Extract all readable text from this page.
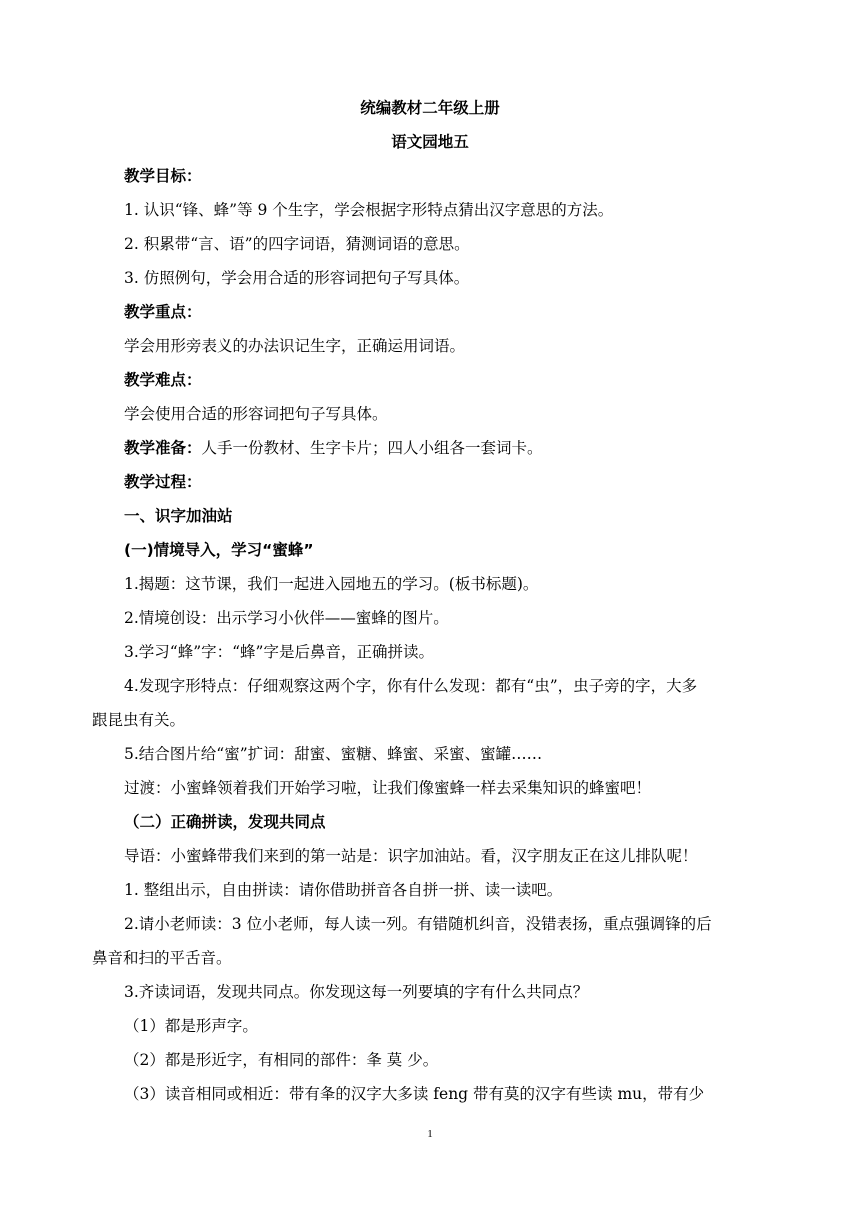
统编教材二年级上册
语文园地五
教学目标：
1. 认识“锋、蜂”等 9 个生字，学会根据字形特点猜出汉字意思的方法。
2. 积累带“言、语”的四字词语，猜测词语的意思。
3. 仿照例句，学会用合适的形容词把句子写具体。
教学重点：
学会用形旁表义的办法识记生字，正确运用词语。
教学难点：
学会使用合适的形容词把句子写具体。
教学准备：人手一份教材、生字卡片；四人小组各一套词卡。
教学过程：
一、识字加油站
(一)情境导入，学习“蜜蜂”
1.揭题：这节课，我们一起进入园地五的学习。(板书标题)。
2.情境创设：出示学习小伙伴——蜜蜂的图片。
3.学习“蜂”字：“蜂”字是后鼻音，正确拼读。
4.发现字形特点：仔细观察这两个字，你有什么发现：都有“虫”，虫子旁的字，大多
跟昆虫有关。
5.结合图片给“蜜”扩词：甜蜜、蜜糖、蜂蜜、采蜜、蜜罐……
过渡：小蜜蜂领着我们开始学习啦，让我们像蜜蜂一样去采集知识的蜂蜜吧！
（二）正确拼读，发现共同点
导语：小蜜蜂带我们来到的第一站是：识字加油站。看，汉字朋友正在这儿排队呢！
1. 整组出示，自由拼读：请你借助拼音各自拼一拼、读一读吧。
2.请小老师读：3 位小老师，每人读一列。有错随机纠音，没错表扬，重点强调锋的后
鼻音和扫的平舌音。
3.齐读词语，发现共同点。你发现这每一列要填的字有什么共同点？
（1）都是形声字。
（2）都是形近字，有相同的部件：夆 莫 少。
（3）读音相同或相近：带有夆的汉字大多读 feng 带有莫的汉字有些读 mu，带有少
1
